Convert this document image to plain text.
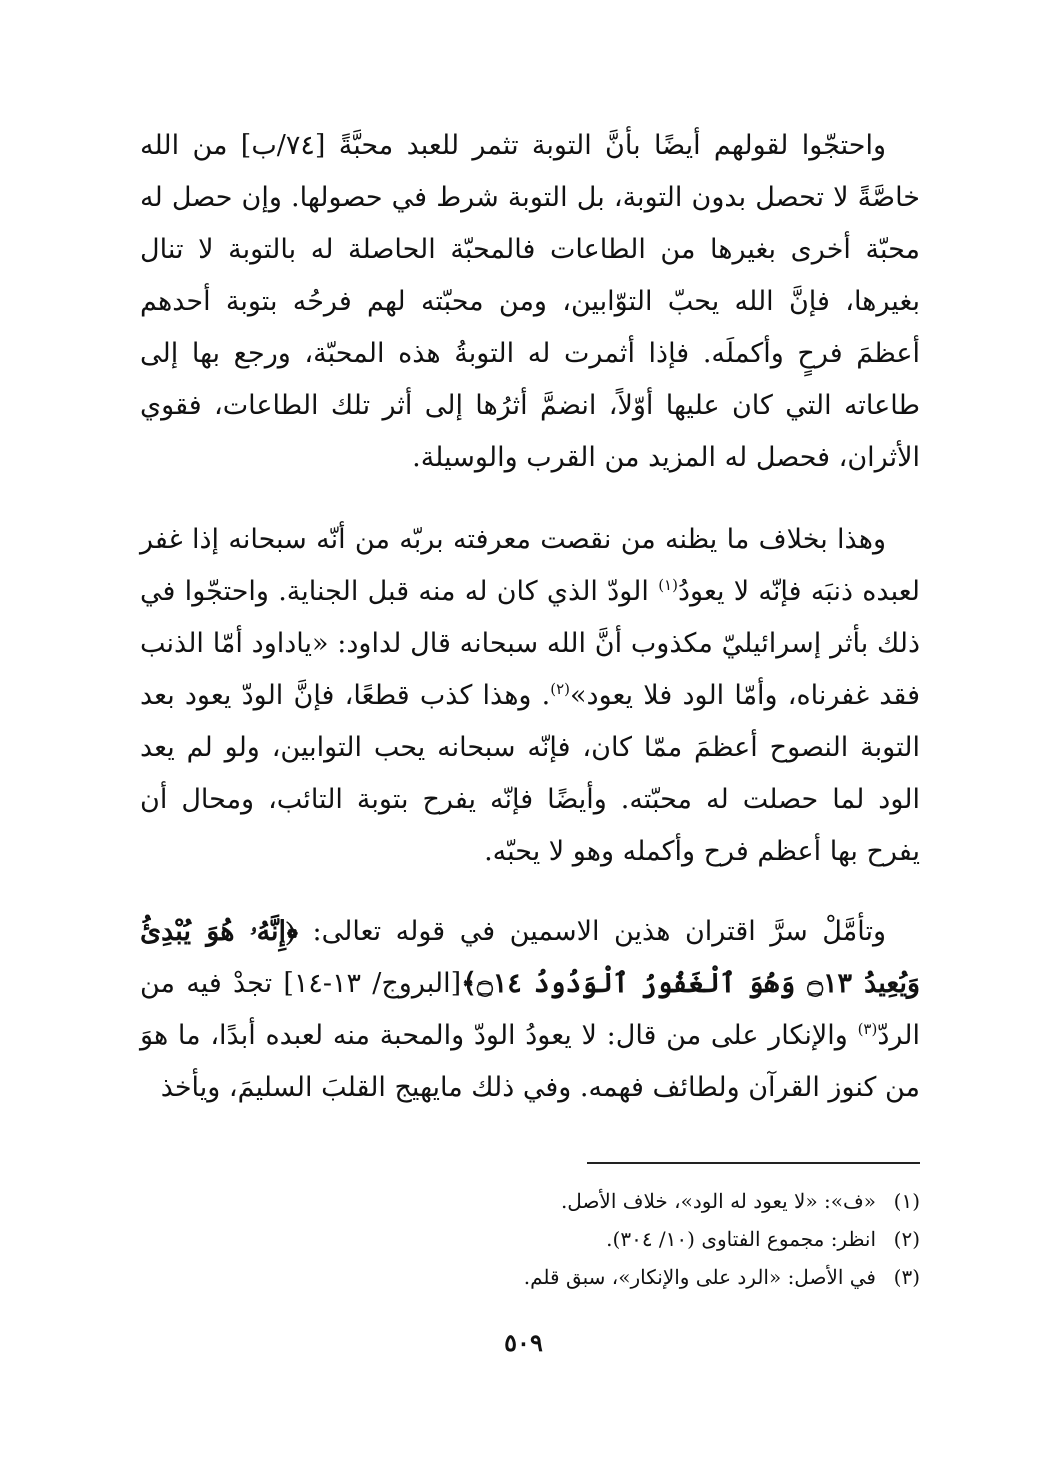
واحتجّوا لقولهم أيضًا بأنَّ التوبة تثمر للعبد محبَّةً [٧٤/ب] من الله خاصَّةً لا تحصل بدون التوبة، بل التوبة شرط في حصولها. وإن حصل له محبّة أخرى بغيرها من الطاعات فالمحبّة الحاصلة له بالتوبة لا تنال بغيرها، فإنَّ الله يحبّ التوّابين، ومن محبّته لهم فرحُه بتوبة أحدهم أعظمَ فرحٍ وأكملَه. فإذا أثمرت له التوبةُ هذه المحبّة، ورجع بها إلى طاعاته التي كان عليها أوّلاً، انضمَّ أثرُها إلى أثر تلك الطاعات، فقوي الأثران، فحصل له المزيد من القرب والوسيلة.

وهذا بخلاف ما يظنه من نقصت معرفته بربّه من أنّه سبحانه إذا غفر لعبده ذنبَه فإنّه لا يعودُ$^{(١)}$ الودّ الذي كان له منه قبل الجناية. واحتجّوا في ذلك بأثر إسرائيليّ مكذوب أنَّ الله سبحانه قال لداود: «ياداود أمّا الذنب فقد غفرناه، وأمّا الود فلا يعود»$^{(٢)}$. وهذا كذب قطعًا، فإنَّ الودّ يعود بعد التوبة النصوح أعظمَ ممّا كان، فإنّه سبحانه يحب التوابين، ولو لم يعد الود لما حصلت له محبّته. وأيضًا فإنّه يفرح بتوبة التائب، ومحال أن يفرح بها أعظم فرح وأكمله وهو لا يحبّه.

وتأمَّلْ سرَّ اقتران هذين الاسمين في قوله تعالى: ﴿إِنَّهُۥ هُوَ يُبْدِئُ وَيُعِيدُ ۝١٣ وَهُوَ ٱلْغَفُورُ ٱلْوَدُودُ ۝١٤﴾[البروج/ ١٣-١٤] تجدْ فيه من الردّ$^{(٣)}$ والإنكار على من قال: لا يعودُ الودّ والمحبة منه لعبده أبدًا، ما هوَ من كنوز القرآن ولطائف فهمه. وفي ذلك مايهيج القلبَ السليمَ، ويأخذ

(١)
«ف»: «لا يعود له الود»، خلاف الأصل.
(٢)
انظر: مجموع الفتاوى (١٠/ ٣٠٤).
(٣)
في الأصل: «الرد على والإنكار»، سبق قلم.
٥٠٩
